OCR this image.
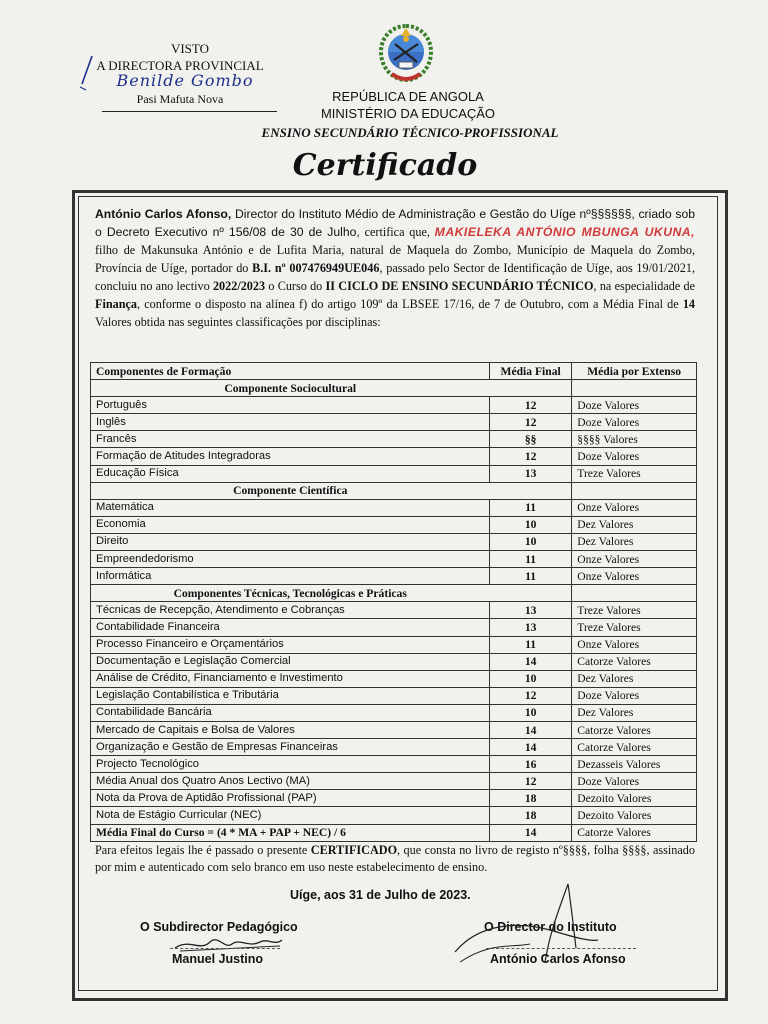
VISTO
A DIRECTORA PROVINCIAL
Benilde Gombo
Pasi Mafuta Nova	REPÚBLICA DE ANGOLA
MINISTÉRIO DA EDUCAÇÃO
ENSINO SECUNDÁRIO TÉCNICO-PROFISSIONAL
Certificado
António Carlos Afonso, Director do Instituto Médio de Administração e Gestão do Uíge nº§§§§§§, criado sob o Decreto Executivo nº 156/08 de 30 de Julho, certifica que, MAKIELEKA ANTÓNIO MBUNGA UKUNA, filho de Makunsuka António e de Lufita Maria, natural de Maquela do Zombo, Município de Maquela do Zombo, Província de Uíge, portador do B.I. nº 007476949UE046, passado pelo Sector de Identificação de Uíge, aos 19/01/2021, concluiu no ano lectivo 2022/2023 o Curso do II CICLO DE ENSINO SECUNDÁRIO TÉCNICO, na especialidade de Finança, conforme o disposto na alínea f) do artigo 109º da LBSEE 17/16, de 7 de Outubro, com a Média Final de 14 Valores obtida nas seguintes classificações por disciplinas:
Componentes de Formação	Média Final	Média por Extenso
Componente Sociocultural		
Português	12	Doze Valores
Inglês	12	Doze Valores
Francês	§§	§§§§ Valores
Formação de Atitudes Integradoras	12	Doze Valores
Educação Física	13	Treze Valores
Componente Científica		
Matemática	11	Onze Valores
Economia	10	Dez Valores
Direito	10	Dez Valores
Empreendedorismo	11	Onze Valores
Informática	11	Onze Valores
Componentes Técnicas, Tecnológicas e Práticas		
Técnicas de Recepção, Atendimento e Cobranças	13	Treze Valores
Contabilidade Financeira	13	Treze Valores
Processo Financeiro e Orçamentários	11	Onze Valores
Documentação e Legislação Comercial	14	Catorze Valores
Análise de Crédito, Financiamento e Investimento	10	Dez Valores
Legislação Contabilística e Tributária	12	Doze Valores
Contabilidade Bancária	10	Dez Valores
Mercado de Capitais e Bolsa de Valores	14	Catorze Valores
Organização e Gestão de Empresas Financeiras	14	Catorze Valores
Projecto Tecnológico	16	Dezasseis Valores
Média Anual dos Quatro Anos Lectivo (MA)	12	Doze Valores
Nota da Prova de Aptidão Profissional (PAP)	18	Dezoito Valores
Nota de Estágio Curricular (NEC)	18	Dezoito Valores
Média Final do Curso = (4 * MA + PAP + NEC) / 6	14	Catorze Valores
Para efeitos legais lhe é passado o presente CERTIFICADO, que consta no livro de registo nº§§§§, folha §§§§, assinado por mim e autenticado com selo branco em uso neste estabelecimento de ensino.
Uíge, aos 31 de Julho de 2023.
O Subdirector Pedagógico
Manuel Justino
O Director do Instituto
António Carlos Afonso
